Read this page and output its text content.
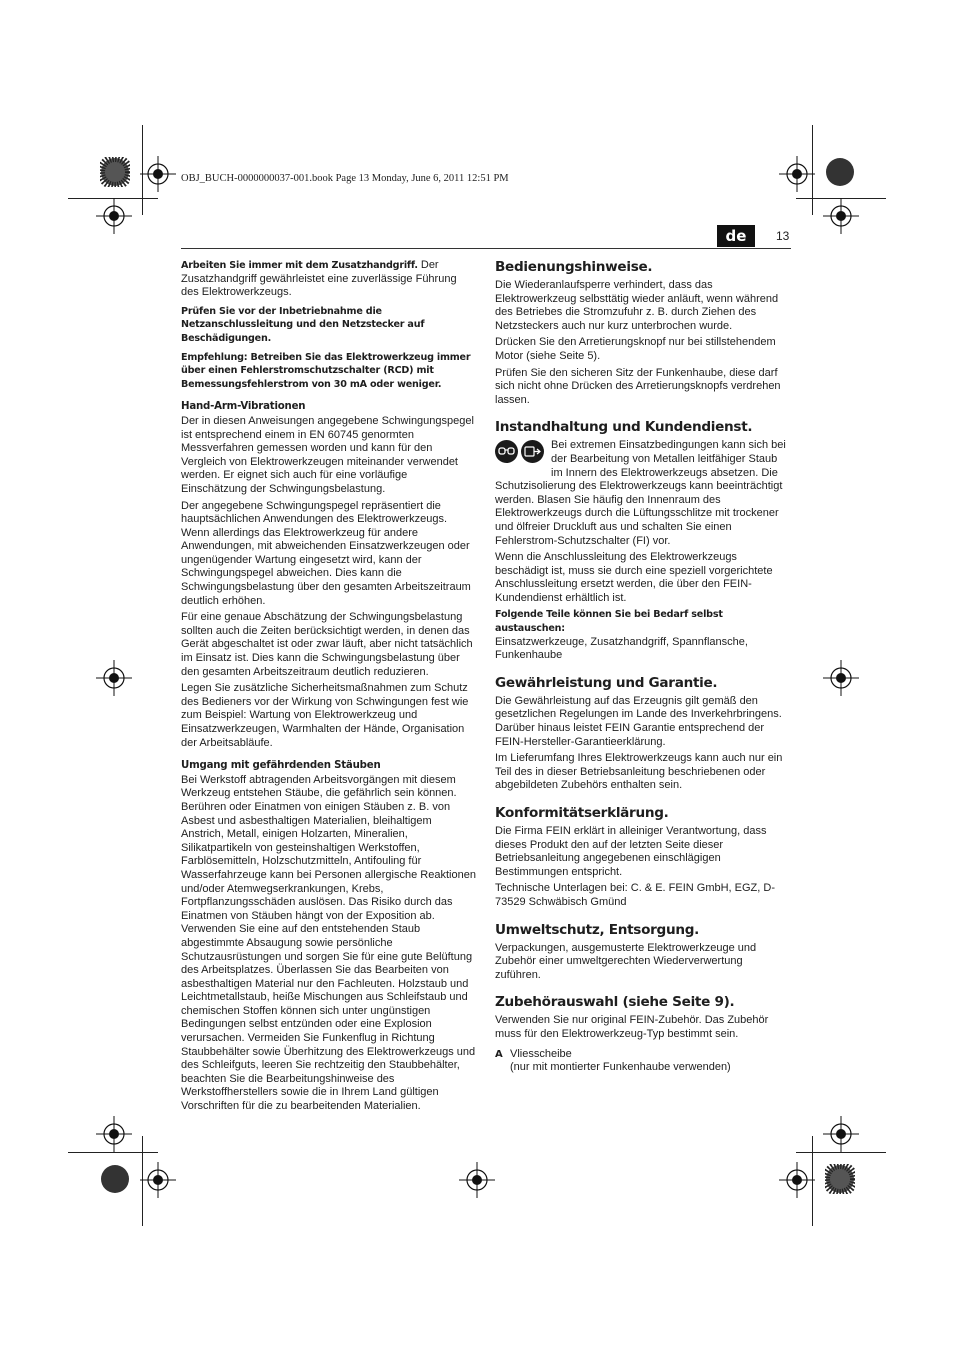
OBJ_BUCH-0000000037-001.book Page 13 Monday, June 6, 2011 12:51 PM
de	13

Arbeiten Sie immer mit dem Zusatzhandgriff. Der Zusatzhandgriff gewährleistet eine zuverlässige Führung des Elektrowerkzeugs.

Prüfen Sie vor der Inbetriebnahme die Netzanschlussleitung und den Netzstecker auf Beschädigungen.

Empfehlung: Betreiben Sie das Elektrowerkzeug immer über einen Fehlerstromschutzschalter (RCD) mit Bemessungsfehlerstrom von 30 mA oder weniger.

Hand-Arm-Vibrationen

Der in diesen Anweisungen angegebene Schwingungspegel ist entsprechend einem in EN 60745 genormten Messverfahren gemessen worden und kann für den Vergleich von Elektrowerkzeugen miteinander verwendet werden. Er eignet sich auch für eine vorläufige Einschätzung der Schwingungsbelastung.

Der angegebene Schwingungspegel repräsentiert die hauptsächlichen Anwendungen des Elektrowerkzeugs. Wenn allerdings das Elektrowerkzeug für andere Anwendungen, mit abweichenden Einsatzwerkzeugen oder ungenügender Wartung eingesetzt wird, kann der Schwingungspegel abweichen. Dies kann die Schwingungsbelastung über den gesamten Arbeitszeitraum deutlich erhöhen.

Für eine genaue Abschätzung der Schwingungsbelastung sollten auch die Zeiten berücksichtigt werden, in denen das Gerät abgeschaltet ist oder zwar läuft, aber nicht tatsächlich im Einsatz ist. Dies kann die Schwingungsbelastung über den gesamten Arbeitszeitraum deutlich reduzieren.

Legen Sie zusätzliche Sicherheitsmaßnahmen zum Schutz des Bedieners vor der Wirkung von Schwingungen fest wie zum Beispiel: Wartung von Elektrowerkzeug und Einsatzwerkzeugen, Warmhalten der Hände, Organisation der Arbeitsabläufe.

Umgang mit gefährdenden Stäuben

Bei Werkstoff abtragenden Arbeitsvorgängen mit diesem Werkzeug entstehen Stäube, die gefährlich sein können. Berühren oder Einatmen von einigen Stäuben z. B. von Asbest und asbesthaltigen Materialien, bleihaltigem Anstrich, Metall, einigen Holzarten, Mineralien, Silikatpartikeln von gesteinshaltigen Werkstoffen, Farblösemitteln, Holzschutzmitteln, Antifouling für Wasserfahrzeuge kann bei Personen allergische Reaktionen und/oder Atemwegserkrankungen, Krebs, Fortpflanzungsschäden auslösen. Das Risiko durch das Einatmen von Stäuben hängt von der Exposition ab. Verwenden Sie eine auf den entstehenden Staub abgestimmte Absaugung sowie persönliche Schutzausrüstungen und sorgen Sie für eine gute Belüftung des Arbeitsplatzes. Überlassen Sie das Bearbeiten von asbesthaltigen Material nur den Fachleuten. Holzstaub und Leichtmetallstaub, heiße Mischungen aus Schleifstaub und chemischen Stoffen können sich unter ungünstigen Bedingungen selbst entzünden oder eine Explosion verursachen. Vermeiden Sie Funkenflug in Richtung Staubbehälter sowie Überhitzung des Elektrowerkzeugs und des Schleifguts, leeren Sie rechtzeitig den Staubbehälter, beachten Sie die Bearbeitungshinweise des Werkstoffherstellers sowie die in Ihrem Land gültigen Vorschriften für die zu bearbeitenden Materialien.

Bedienungshinweise.

Die Wiederanlaufsperre verhindert, dass das Elektrowerkzeug selbsttätig wieder anläuft, wenn während des Betriebes die Stromzufuhr z. B. durch Ziehen des Netzsteckers auch nur kurz unterbrochen wurde.

Drücken Sie den Arretierungsknopf nur bei stillstehendem Motor (siehe Seite 5).

Prüfen Sie den sicheren Sitz der Funkenhaube, diese darf sich nicht ohne Drücken des Arretierungsknopfs verdrehen lassen.

Instandhaltung und Kundendienst.

Bei extremen Einsatzbedingungen kann sich bei der Bearbeitung von Metallen leitfähiger Staub im Innern des Elektrowerkzeugs absetzen. Die Schutzisolierung des Elektrowerkzeugs kann beeinträchtigt werden. Blasen Sie häufig den Innenraum des Elektrowerkzeugs durch die Lüftungsschlitze mit trockener und ölfreier Druckluft aus und schalten Sie einen Fehlerstrom-Schutzschalter (FI) vor.

Wenn die Anschlussleitung des Elektrowerkzeugs beschädigt ist, muss sie durch eine speziell vorgerichtete Anschlussleitung ersetzt werden, die über den FEIN-Kundendienst erhältlich ist.

Folgende Teile können Sie bei Bedarf selbst austauschen:
Einsatzwerkzeuge, Zusatzhandgriff, Spannflansche, Funkenhaube

Gewährleistung und Garantie.

Die Gewährleistung auf das Erzeugnis gilt gemäß den gesetzlichen Regelungen im Lande des Inverkehrbringens. Darüber hinaus leistet FEIN Garantie entsprechend der FEIN-Hersteller-Garantieerklärung.

Im Lieferumfang Ihres Elektrowerkzeugs kann auch nur ein Teil des in dieser Betriebsanleitung beschriebenen oder abgebildeten Zubehörs enthalten sein.

Konformitätserklärung.

Die Firma FEIN erklärt in alleiniger Verantwortung, dass dieses Produkt den auf der letzten Seite dieser Betriebsanleitung angegebenen einschlägigen Bestimmungen entspricht.

Technische Unterlagen bei: C. & E. FEIN GmbH, EGZ, D-73529 Schwäbisch Gmünd

Umweltschutz, Entsorgung.

Verpackungen, ausgemusterte Elektrowerkzeuge und Zubehör einer umweltgerechten Wiederverwertung zuführen.

Zubehörauswahl (siehe Seite 9).

Verwenden Sie nur original FEIN-Zubehör. Das Zubehör muss für den Elektrowerkzeug-Typ bestimmt sein.

A Vliesscheibe
(nur mit montierter Funkenhaube verwenden)
